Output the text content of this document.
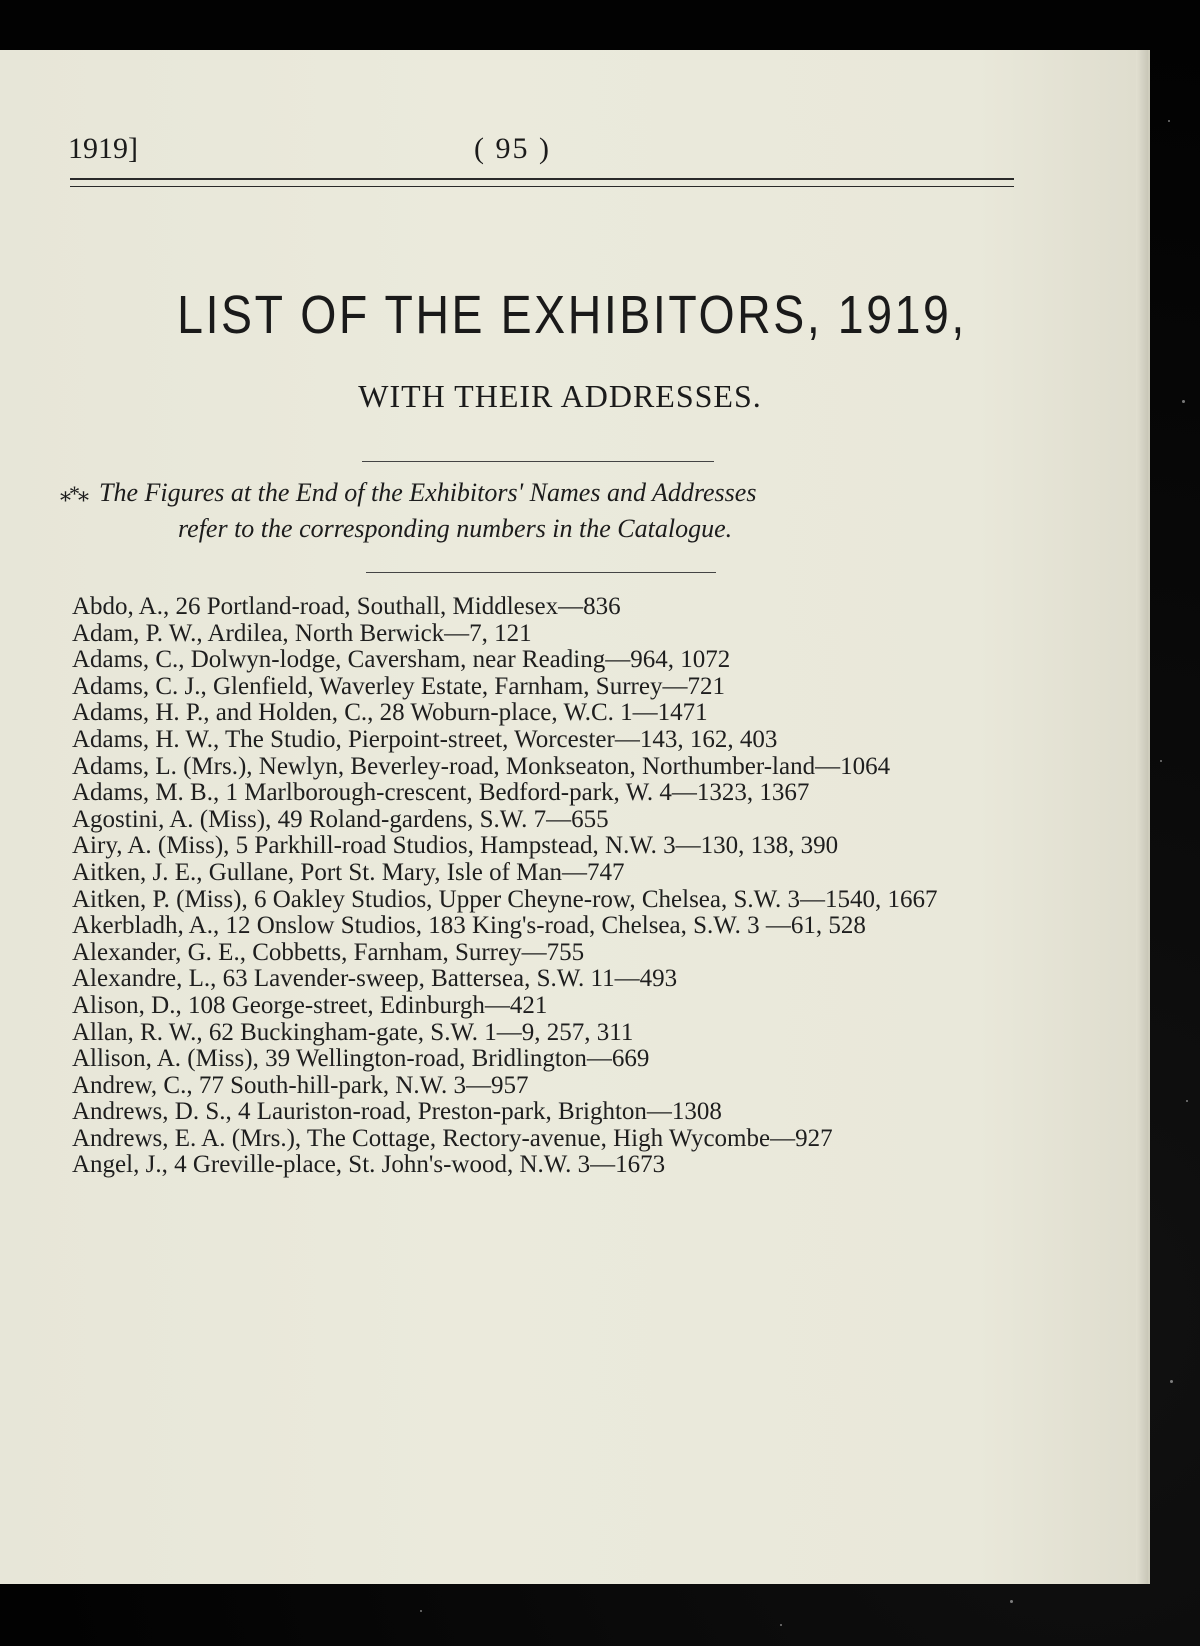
1919]	( 95 )
LIST OF THE EXHIBITORS, 1919,
WITH THEIR ADDRESSES.
⁎*⁎ The Figures at the End of the Exhibitors' Names and Addresses
refer to the corresponding numbers in the Catalogue.

Abdo, A., 26 Portland-road, Southall, Middlesex—836

Adam, P. W., Ardilea, North Berwick—7, 121

Adams, C., Dolwyn-lodge, Caversham, near Reading—964, 1072

Adams, C. J., Glenfield, Waverley Estate, Farnham, Surrey—721

Adams, H. P., and Holden, C., 28 Woburn-place, W.C. 1—1471

Adams, H. W., The Studio, Pierpoint-street, Worcester—143, 162, 403

Adams, L. (Mrs.), Newlyn, Beverley-road, Monkseaton, Northumber-land—1064

Adams, M. B., 1 Marlborough-crescent, Bedford-park, W. 4—1323, 1367

Agostini, A. (Miss), 49 Roland-gardens, S.W. 7—655

Airy, A. (Miss), 5 Parkhill-road Studios, Hampstead, N.W. 3—130, 138, 390

Aitken, J. E., Gullane, Port St. Mary, Isle of Man—747

Aitken, P. (Miss), 6 Oakley Studios, Upper Cheyne-row, Chelsea, S.W. 3—1540, 1667

Akerbladh, A., 12 Onslow Studios, 183 King's-road, Chelsea, S.W. 3 —61, 528

Alexander, G. E., Cobbetts, Farnham, Surrey—755

Alexandre, L., 63 Lavender-sweep, Battersea, S.W. 11—493

Alison, D., 108 George-street, Edinburgh—421

Allan, R. W., 62 Buckingham-gate, S.W. 1—9, 257, 311

Allison, A. (Miss), 39 Wellington-road, Bridlington—669

Andrew, C., 77 South-hill-park, N.W. 3—957

Andrews, D. S., 4 Lauriston-road, Preston-park, Brighton—1308

Andrews, E. A. (Mrs.), The Cottage, Rectory-avenue, High Wycombe—927

Angel, J., 4 Greville-place, St. John's-wood, N.W. 3—1673
